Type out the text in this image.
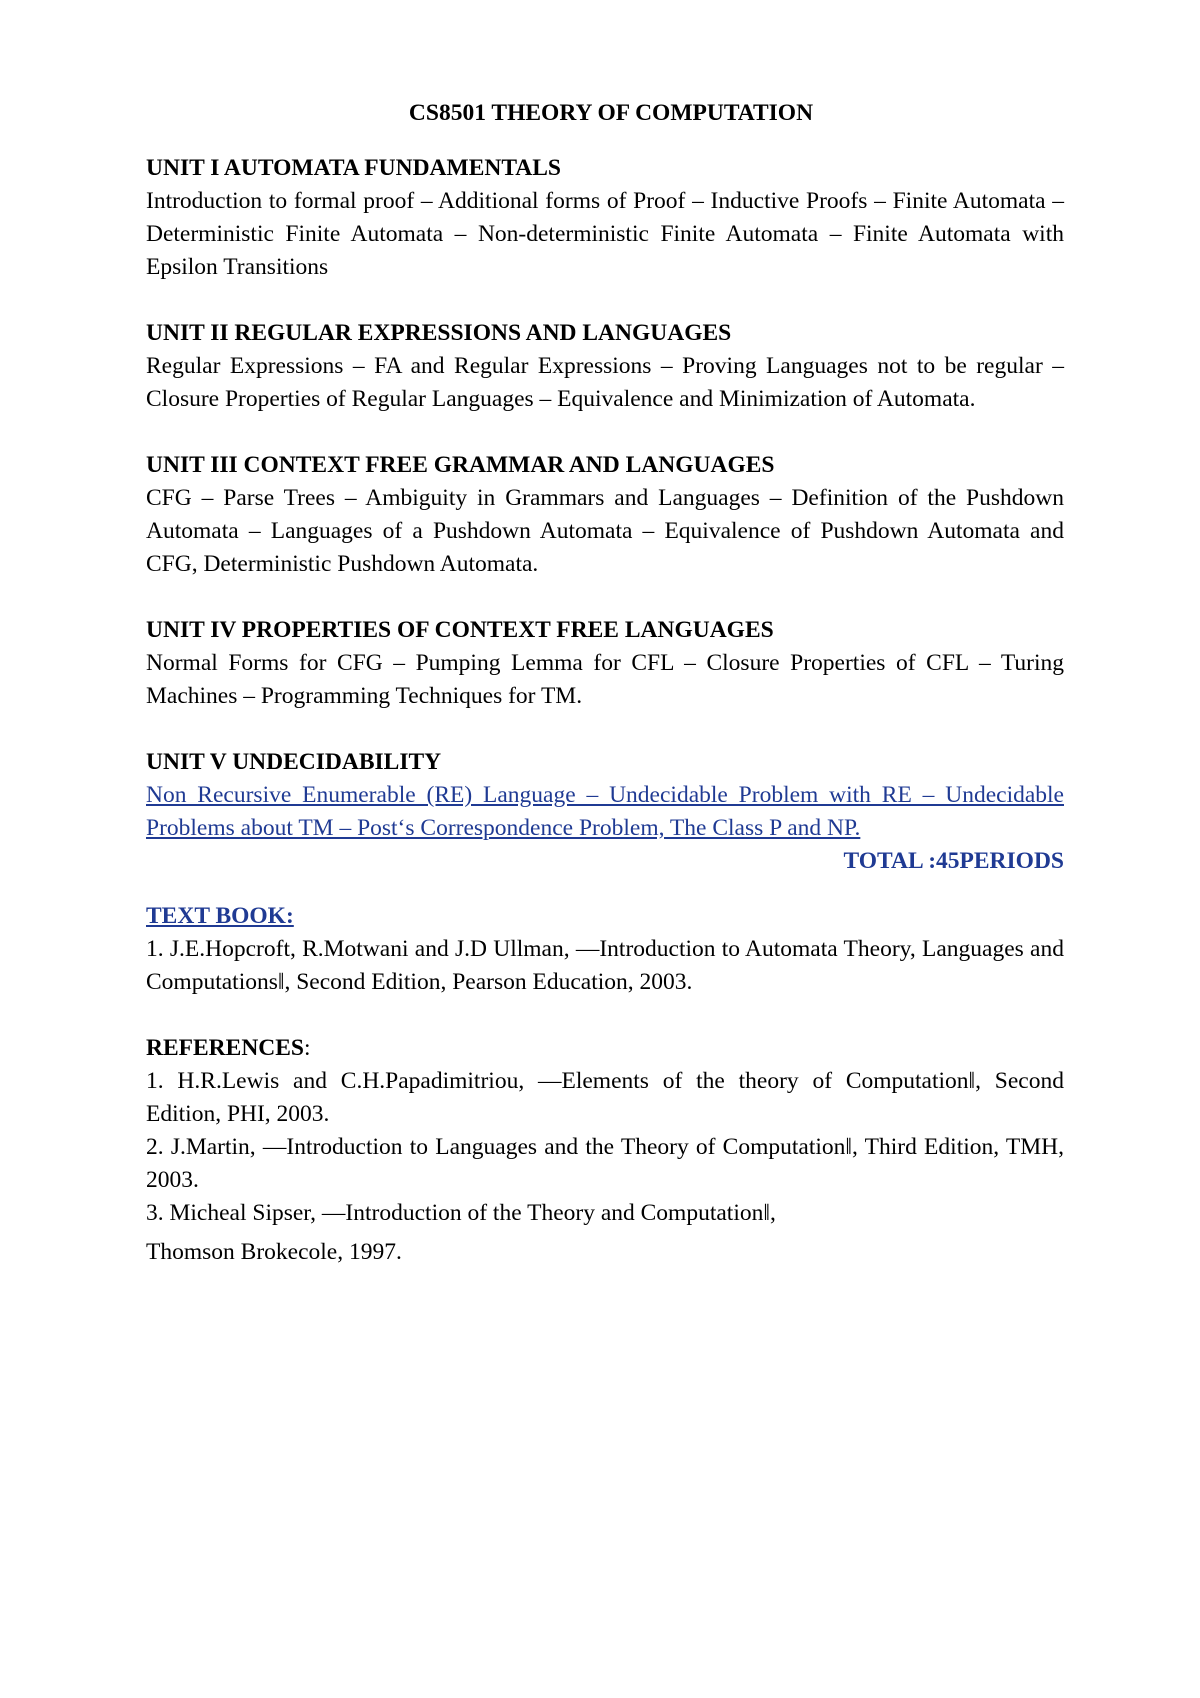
CS8501 THEORY OF COMPUTATION

UNIT I AUTOMATA FUNDAMENTALS

Introduction to formal proof – Additional forms of Proof – Inductive Proofs – Finite Automata – Deterministic Finite Automata – Non-deterministic Finite Automata – Finite Automata with Epsilon Transitions

UNIT II REGULAR EXPRESSIONS AND LANGUAGES

Regular Expressions – FA and Regular Expressions – Proving Languages not to be regular – Closure Properties of Regular Languages – Equivalence and Minimization of Automata.

UNIT III CONTEXT FREE GRAMMAR AND LANGUAGES

CFG – Parse Trees – Ambiguity in Grammars and Languages – Definition of the Pushdown Automata – Languages of a Pushdown Automata – Equivalence of Pushdown Automata and CFG, Deterministic Pushdown Automata.

UNIT IV PROPERTIES OF CONTEXT FREE LANGUAGES

Normal Forms for CFG – Pumping Lemma for CFL – Closure Properties of CFL – Turing Machines – Programming Techniques for TM.

UNIT V UNDECIDABILITY

Non Recursive Enumerable (RE) Language – Undecidable Problem with RE – Undecidable Problems about TM – Post‘s Correspondence Problem, The Class P and NP.

TOTAL :45PERIODS

TEXT BOOK:

1. J.E.Hopcroft, R.Motwani and J.D Ullman, ―Introduction to Automata Theory, Languages and Computations‖, Second Edition, Pearson Education, 2003.

REFERENCES:

1. H.R.Lewis and C.H.Papadimitriou, ―Elements of the theory of Computation‖, Second Edition, PHI, 2003.

2. J.Martin, ―Introduction to Languages and the Theory of Computation‖, Third Edition, TMH, 2003.

3. Micheal Sipser, ―Introduction of the Theory and Computation‖,

Thomson Brokecole, 1997.
